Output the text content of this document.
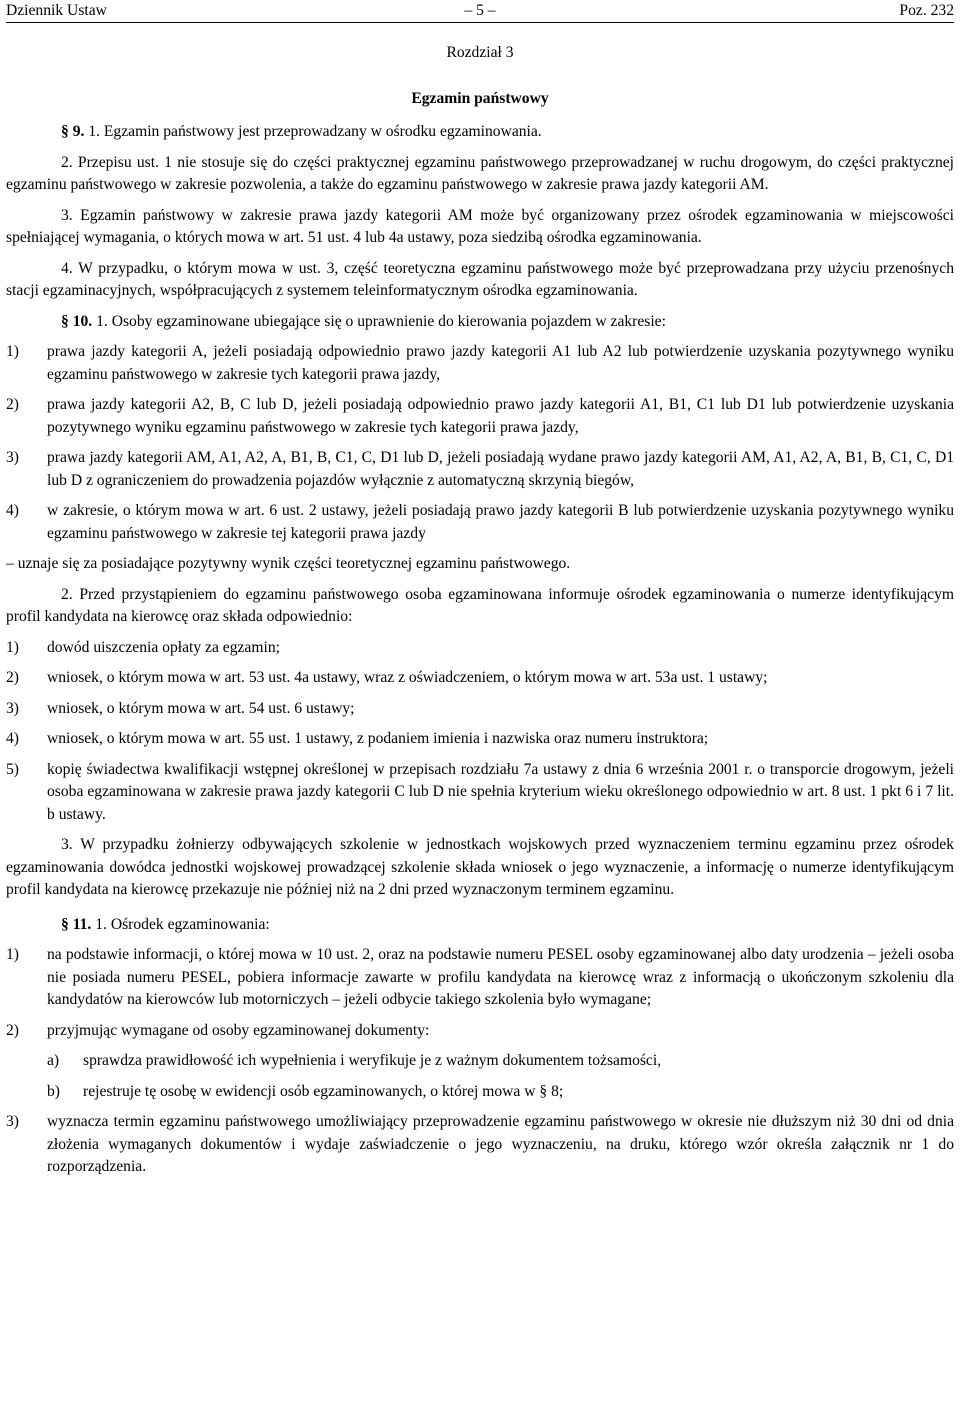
Dziennik Ustaw	– 5 –	Poz. 232
Rozdział 3
Egzamin państwowy

§ 9. 1. Egzamin państwowy jest przeprowadzany w ośrodku egzaminowania.

2. Przepisu ust. 1 nie stosuje się do części praktycznej egzaminu państwowego przeprowadzanej w ruchu drogowym, do części praktycznej egzaminu państwowego w zakresie pozwolenia, a także do egzaminu państwowego w zakresie prawa jazdy kategorii AM.

3. Egzamin państwowy w zakresie prawa jazdy kategorii AM może być organizowany przez ośrodek egzaminowania w miejscowości spełniającej wymagania, o których mowa w art. 51 ust. 4 lub 4a ustawy, poza siedzibą ośrodka egzaminowania.

4. W przypadku, o którym mowa w ust. 3, część teoretyczna egzaminu państwowego może być przeprowadzana przy użyciu przenośnych stacji egzaminacyjnych, współpracujących z systemem teleinformatycznym ośrodka egzaminowania.

§ 10. 1. Osoby egzaminowane ubiegające się o uprawnienie do kierowania pojazdem w zakresie:

1)	prawa jazdy kategorii A, jeżeli posiadają odpowiednio prawo jazdy kategorii A1 lub A2 lub potwierdzenie uzyskania pozytywnego wyniku egzaminu państwowego w zakresie tych kategorii prawa jazdy,
2)	prawa jazdy kategorii A2, B, C lub D, jeżeli posiadają odpowiednio prawo jazdy kategorii A1, B1, C1 lub D1 lub potwierdzenie uzyskania pozytywnego wyniku egzaminu państwowego w zakresie tych kategorii prawa jazdy,
3)	prawa jazdy kategorii AM, A1, A2, A, B1, B, C1, C, D1 lub D, jeżeli posiadają wydane prawo jazdy kategorii AM, A1, A2, A, B1, B, C1, C, D1 lub D z ograniczeniem do prowadzenia pojazdów wyłącznie z automatyczną skrzynią biegów,
4)	w zakresie, o którym mowa w art. 6 ust. 2 ustawy, jeżeli posiadają prawo jazdy kategorii B lub potwierdzenie uzyskania pozytywnego wyniku egzaminu państwowego w zakresie tej kategorii prawa jazdy

– uznaje się za posiadające pozytywny wynik części teoretycznej egzaminu państwowego.

2. Przed przystąpieniem do egzaminu państwowego osoba egzaminowana informuje ośrodek egzaminowania o numerze identyfikującym profil kandydata na kierowcę oraz składa odpowiednio:

1)	dowód uiszczenia opłaty za egzamin;
2)	wniosek, o którym mowa w art. 53 ust. 4a ustawy, wraz z oświadczeniem, o którym mowa w art. 53a ust. 1 ustawy;
3)	wniosek, o którym mowa w art. 54 ust. 6 ustawy;
4)	wniosek, o którym mowa w art. 55 ust. 1 ustawy, z podaniem imienia i nazwiska oraz numeru instruktora;
5)	kopię świadectwa kwalifikacji wstępnej określonej w przepisach rozdziału 7a ustawy z dnia 6 września 2001 r. o transporcie drogowym, jeżeli osoba egzaminowana w zakresie prawa jazdy kategorii C lub D nie spełnia kryterium wieku określonego odpowiednio w art. 8 ust. 1 pkt 6 i 7 lit. b ustawy.

3. W przypadku żołnierzy odbywających szkolenie w jednostkach wojskowych przed wyznaczeniem terminu egzaminu przez ośrodek egzaminowania dowódca jednostki wojskowej prowadzącej szkolenie składa wniosek o jego wyznaczenie, a informację o numerze identyfikującym profil kandydata na kierowcę przekazuje nie później niż na 2 dni przed wyznaczonym terminem egzaminu.

§ 11. 1. Ośrodek egzaminowania:

1)	na podstawie informacji, o której mowa w 10 ust. 2, oraz na podstawie numeru PESEL osoby egzaminowanej albo daty urodzenia – jeżeli osoba nie posiada numeru PESEL, pobiera informacje zawarte w profilu kandydata na kierowcę wraz z informacją o ukończonym szkoleniu dla kandydatów na kierowców lub motorniczych – jeżeli odbycie takiego szkolenia było wymagane;
2)	przyjmując wymagane od osoby egzaminowanej dokumenty:
a)	sprawdza prawidłowość ich wypełnienia i weryfikuje je z ważnym dokumentem tożsamości,
b)	rejestruje tę osobę w ewidencji osób egzaminowanych, o której mowa w § 8;
3)	wyznacza termin egzaminu państwowego umożliwiający przeprowadzenie egzaminu państwowego w okresie nie dłuższym niż 30 dni od dnia złożenia wymaganych dokumentów i wydaje zaświadczenie o jego wyznaczeniu, na druku, którego wzór określa załącznik nr 1 do rozporządzenia.
